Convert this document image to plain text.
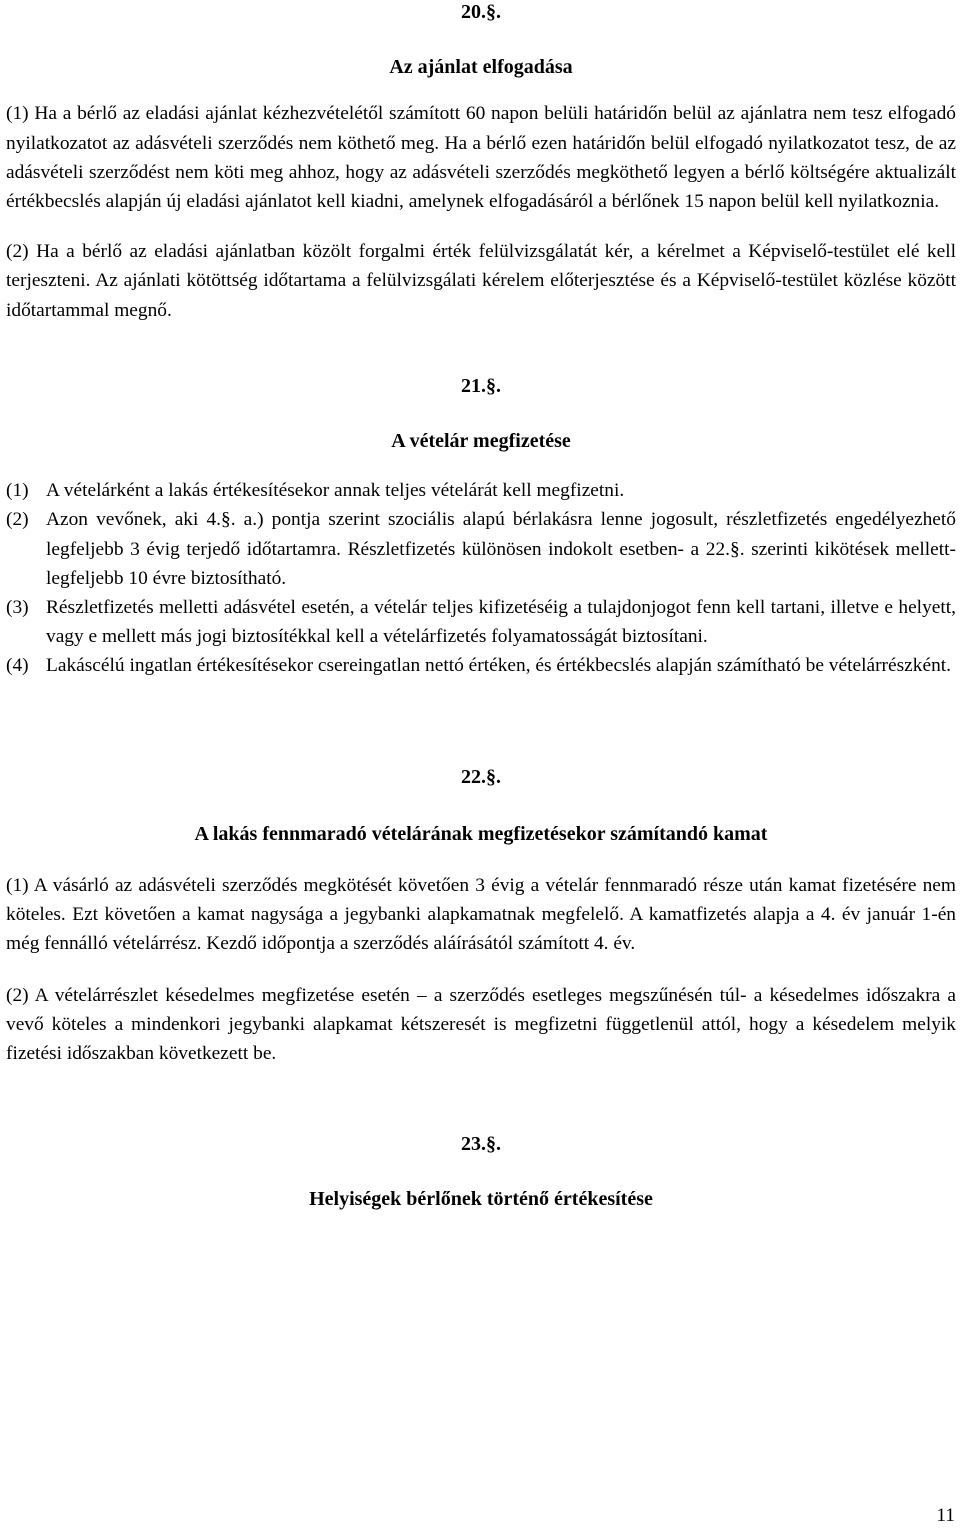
20.§.
Az ajánlat elfogadása

(1) Ha a bérlő az eladási ajánlat kézhezvételétől számított 60 napon belüli határidőn belül az ajánlatra nem tesz elfogadó nyilatkozatot az adásvételi szerződés nem köthető meg. Ha a bérlő ezen határidőn belül elfogadó nyilatkozatot tesz, de az adásvételi szerződést nem köti meg ahhoz, hogy az adásvételi szerződés megköthető legyen a bérlő költségére aktualizált értékbecslés alapján új eladási ajánlatot kell kiadni, amelynek elfogadásáról a bérlőnek 15 napon belül kell nyilatkoznia.

(2) Ha a bérlő az eladási ajánlatban közölt forgalmi érték felülvizsgálatát kér, a kérelmet a Képviselő-testület elé kell terjeszteni. Az ajánlati kötöttség időtartama a felülvizsgálati kérelem előterjesztése és a Képviselő-testület közlése között időtartammal megnő.

21.§.
A vételár megfizetése
(1) A vételárként a lakás értékesítésekor annak teljes vételárát kell megfizetni.
(2) Azon vevőnek, aki 4.§. a.) pontja szerint szociális alapú bérlakásra lenne jogosult, részletfizetés engedélyezhető legfeljebb 3 évig terjedő időtartamra. Részletfizetés különösen indokolt esetben- a 22.§. szerinti kikötések mellett- legfeljebb 10 évre biztosítható.
(3) Részletfizetés melletti adásvétel esetén, a vételár teljes kifizetéséig a tulajdonjogot fenn kell tartani, illetve e helyett, vagy e mellett más jogi biztosítékkal kell a vételárfizetés folyamatosságát biztosítani.
(4) Lakáscélú ingatlan értékesítésekor csereingatlan nettó értéken, és értékbecslés alapján számítható be vételárrészként.
22.§.
A lakás fennmaradó vételárának megfizetésekor számítandó kamat

(1) A vásárló az adásvételi szerződés megkötését követően 3 évig a vételár fennmaradó része után kamat fizetésére nem köteles. Ezt követően a kamat nagysága a jegybanki alapkamatnak megfelelő. A kamatfizetés alapja a 4. év január 1-én még fennálló vételárrész. Kezdő időpontja a szerződés aláírásától számított 4. év.

(2) A vételárrészlet késedelmes megfizetése esetén – a szerződés esetleges megszűnésén túl- a késedelmes időszakra a vevő köteles a mindenkori jegybanki alapkamat kétszeresét is megfizetni függetlenül attól, hogy a késedelem melyik fizetési időszakban következett be.

23.§.
Helyiségek bérlőnek történő értékesítése
11
